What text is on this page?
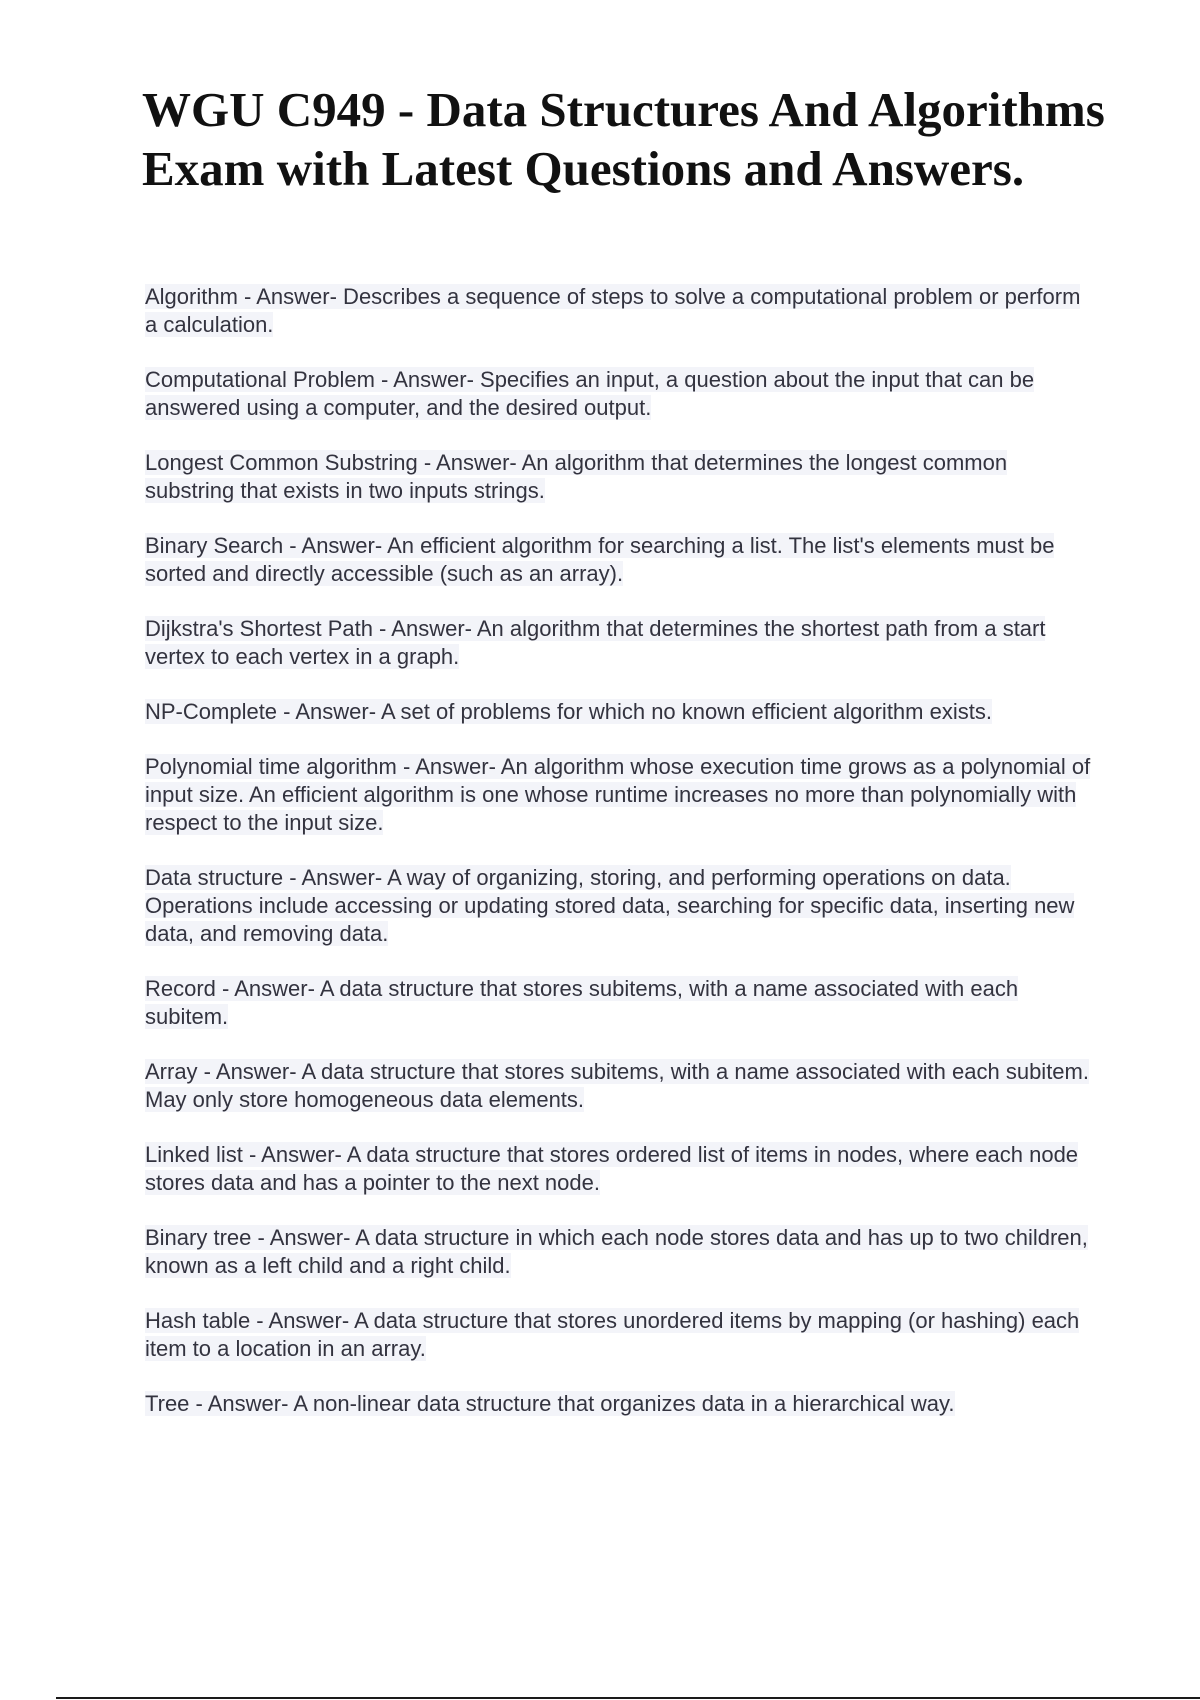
WGU C949 - Data Structures And Algorithms Exam with Latest Questions and Answers.
Algorithm - Answer- Describes a sequence of steps to solve a computational problem or perform a calculation.
Computational Problem - Answer- Specifies an input, a question about the input that can be answered using a computer, and the desired output.
Longest Common Substring - Answer- An algorithm that determines the longest common substring that exists in two inputs strings.
Binary Search - Answer- An efficient algorithm for searching a list. The list's elements must be sorted and directly accessible (such as an array).
Dijkstra's Shortest Path - Answer- An algorithm that determines the shortest path from a start vertex to each vertex in a graph.
NP-Complete - Answer- A set of problems for which no known efficient algorithm exists.
Polynomial time algorithm - Answer- An algorithm whose execution time grows as a polynomial of input size. An efficient algorithm is one whose runtime increases no more than polynomially with respect to the input size.
Data structure - Answer- A way of organizing, storing, and performing operations on data. Operations include accessing or updating stored data, searching for specific data, inserting new data, and removing data.
Record - Answer- A data structure that stores subitems, with a name associated with each subitem.
Array - Answer- A data structure that stores subitems, with a name associated with each subitem. May only store homogeneous data elements.
Linked list - Answer- A data structure that stores ordered list of items in nodes, where each node stores data and has a pointer to the next node.
Binary tree - Answer- A data structure in which each node stores data and has up to two children, known as a left child and a right child.
Hash table - Answer- A data structure that stores unordered items by mapping (or hashing) each item to a location in an array.
Tree - Answer- A non-linear data structure that organizes data in a hierarchical way.
